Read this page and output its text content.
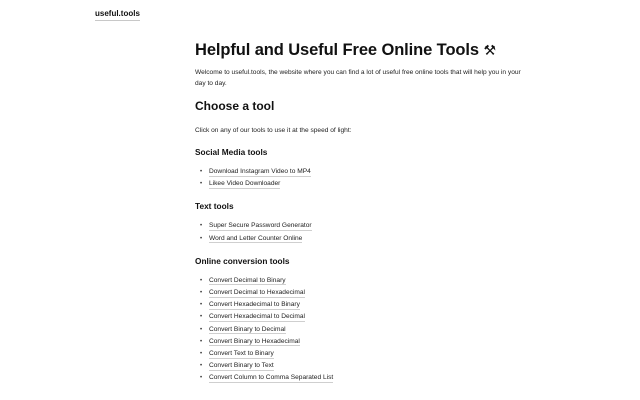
useful.tools
Helpful and Useful Free Online Tools ⚒

Welcome to useful.tools, the website where you can find a lot of useful free online tools that will help you in your day to day.

Choose a tool

Click on any of our tools to use it at the speed of light:

Social Media tools
• Download Instagram Video to MP4
• Likee Video Downloader
Text tools
• Super Secure Password Generator
• Word and Letter Counter Online
Online conversion tools
• Convert Decimal to Binary
• Convert Decimal to Hexadecimal
• Convert Hexadecimal to Binary
• Convert Hexadecimal to Decimal
• Convert Binary to Decimal
• Convert Binary to Hexadecimal
• Convert Text to Binary
• Convert Binary to Text
• Convert Column to Comma Separated List
